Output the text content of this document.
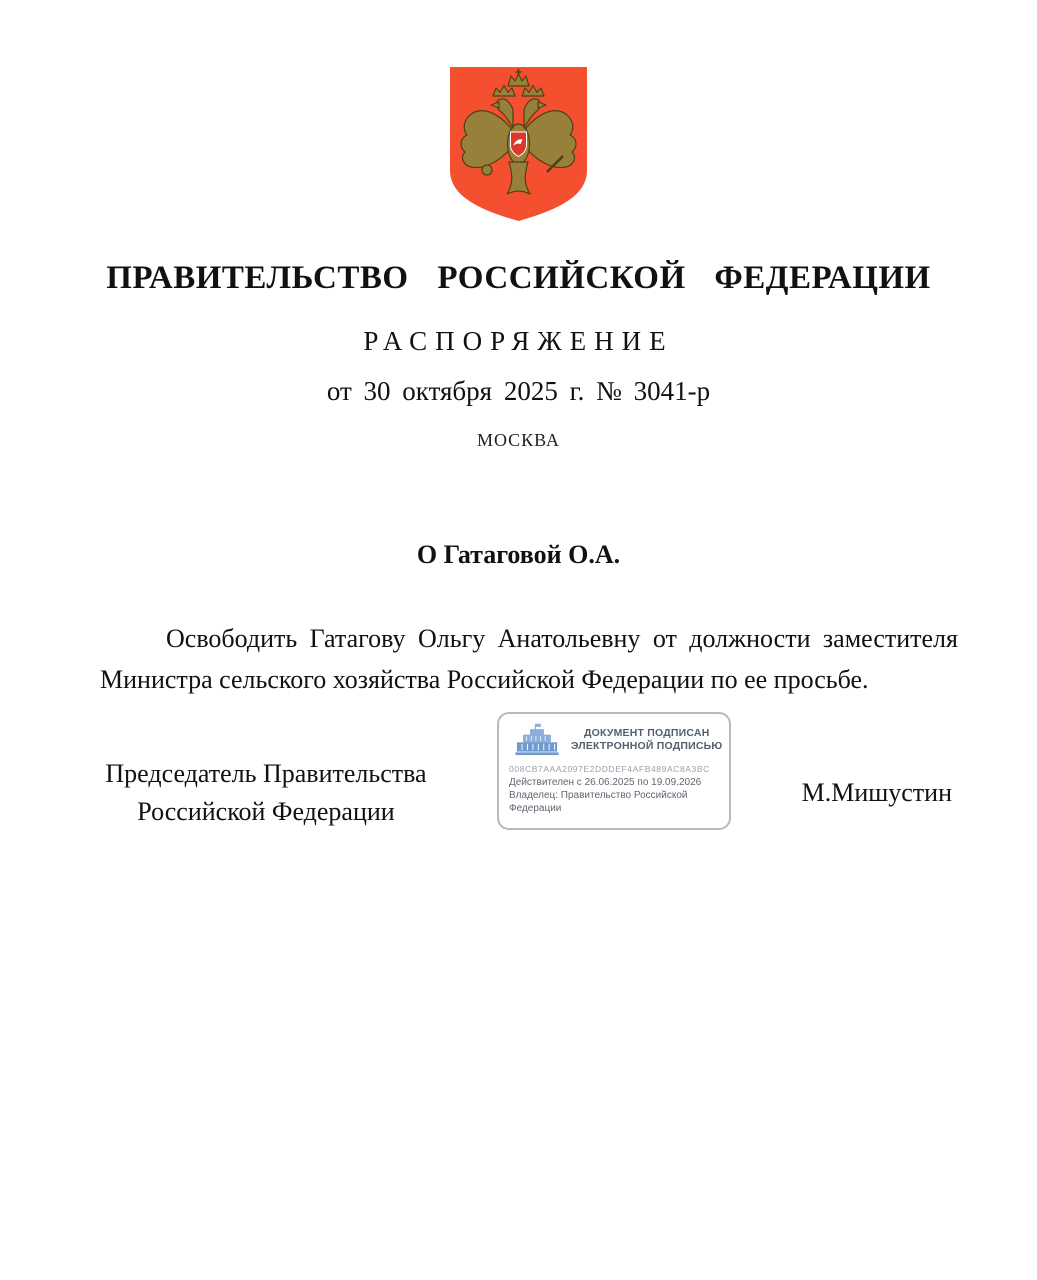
ПРАВИТЕЛЬСТВО РОССИЙСКОЙ ФЕДЕРАЦИИ
РАСПОРЯЖЕНИЕ
от 30 октября 2025 г. № 3041-р
МОСКВА
О Гатаговой О.А.

Освободить Гатагову Ольгу Анатольевну от должности заместителя Министра сельского хозяйства Российской Федерации по ее просьбе.

Председатель Правительства
Российской Федерации
ДОКУМЕНТ ПОДПИСАН
ЭЛЕКТРОННОЙ ПОДПИСЬЮ
008CB7AAA2097E2DDDEF4AFB489AC8A3BC
Действителен с 26.06.2025 по 19.09.2026
Владелец: Правительство Российской Федерации
М.Мишустин
